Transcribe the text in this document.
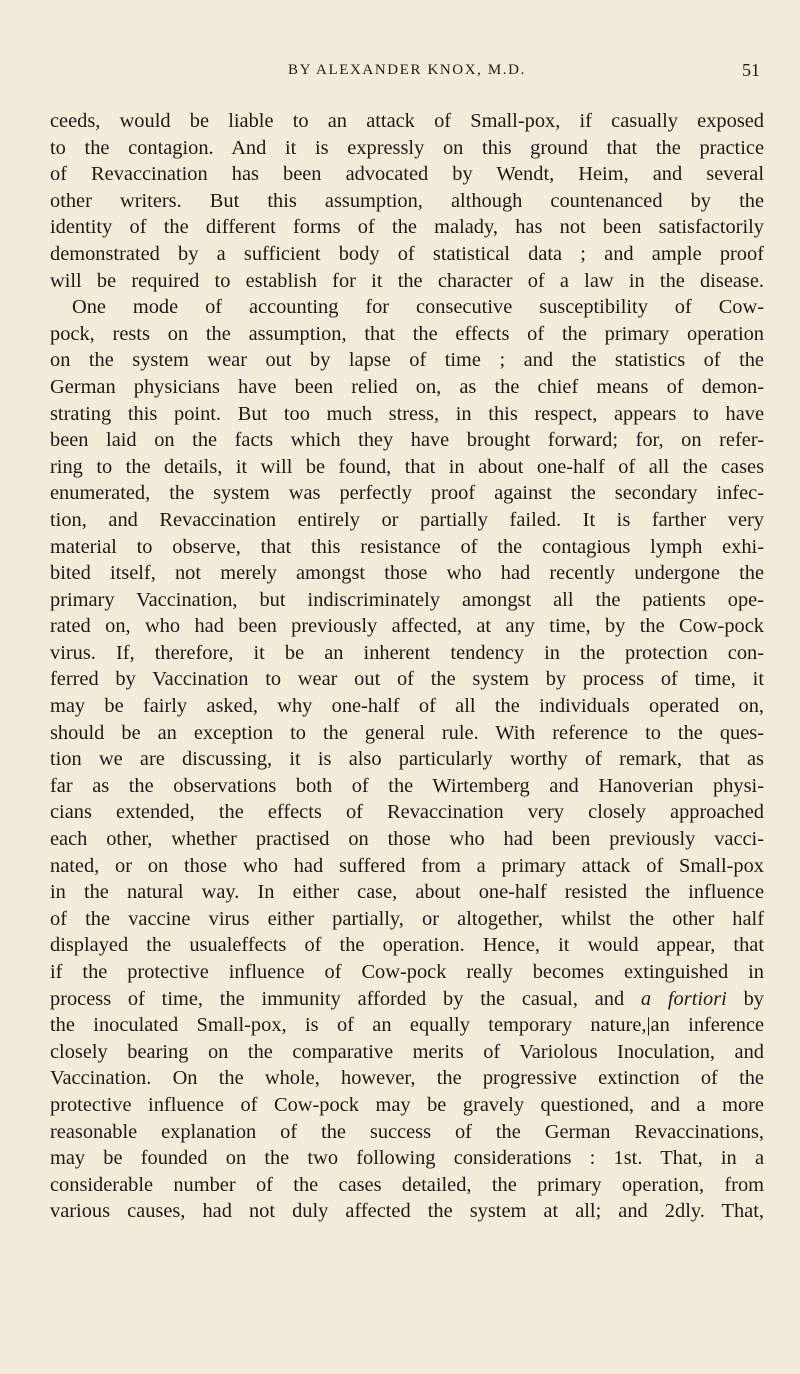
BY ALEXANDER KNOX, M.D.	51
ceeds, would be liable to an attack of Small-pox, if casually exposed
to the contagion. And it is expressly on this ground that the practice
of Revaccination has been advocated by Wendt, Heim, and several
other writers. But this assumption, although countenanced by the
identity of the different forms of the malady, has not been satisfactorily
demonstrated by a sufficient body of statistical data ; and ample proof
will be required to establish for it the character of a law in the disease.
One mode of accounting for consecutive susceptibility of Cow-
pock, rests on the assumption, that the effects of the primary operation
on the system wear out by lapse of time ; and the statistics of the
German physicians have been relied on, as the chief means of demon-
strating this point. But too much stress, in this respect, appears to have
been laid on the facts which they have brought forward; for, on refer-
ring to the details, it will be found, that in about one-half of all the cases
enumerated, the system was perfectly proof against the secondary infec-
tion, and Revaccination entirely or partially failed. It is farther very
material to observe, that this resistance of the contagious lymph exhi-
bited itself, not merely amongst those who had recently undergone the
primary Vaccination, but indiscriminately amongst all the patients ope-
rated on, who had been previously affected, at any time, by the Cow-pock
virus. If, therefore, it be an inherent tendency in the protection con-
ferred by Vaccination to wear out of the system by process of time, it
may be fairly asked, why one-half of all the individuals operated on,
should be an exception to the general rule. With reference to the ques-
tion we are discussing, it is also particularly worthy of remark, that as
far as the observations both of the Wirtemberg and Hanoverian physi-
cians extended, the effects of Revaccination very closely approached
each other, whether practised on those who had been previously vacci-
nated, or on those who had suffered from a primary attack of Small-pox
in the natural way. In either case, about one-half resisted the influence
of the vaccine virus either partially, or altogether, whilst the other half
displayed the usualeffects of the operation. Hence, it would appear, that
if the protective influence of Cow-pock really becomes extinguished in
process of time, the immunity afforded by the casual, and a fortiori by
the inoculated Small-pox, is of an equally temporary nature,|an inference
closely bearing on the comparative merits of Variolous Inoculation, and
Vaccination. On the whole, however, the progressive extinction of the
protective influence of Cow-pock may be gravely questioned, and a more
reasonable explanation of the success of the German Revaccinations,
may be founded on the two following considerations : 1st. That, in a
considerable number of the cases detailed, the primary operation, from
various causes, had not duly affected the system at all; and 2dly. That,
